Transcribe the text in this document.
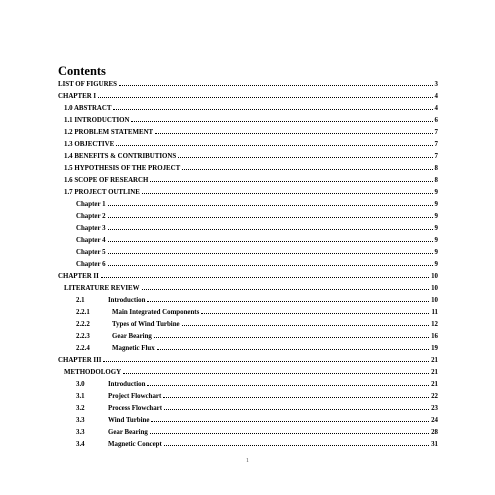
Contents
LIST OF FIGURES	3
CHAPTER I	4
1.0 ABSTRACT	4
1.1 INTRODUCTION	6
1.2 PROBLEM STATEMENT	7
1.3 OBJECTIVE	7
1.4 BENEFITS & CONTRIBUTIONS	7
1.5 HYPOTHESIS OF THE PROJECT	8
1.6 SCOPE OF RESEARCH	8
1.7 PROJECT OUTLINE	9
Chapter 1	9
Chapter 2	9
Chapter 3	9
Chapter 4	9
Chapter 5	9
Chapter 6	9
CHAPTER II	10
LITERATURE REVIEW	10
2.1	Introduction	10
2.2.1	Main Integrated Components	11
2.2.2	Types of Wind Turbine	12
2.2.3	Gear Bearing	16
2.2.4	Magnetic Flux	19
CHAPTER III	21
METHODOLOGY	21
3.0	Introduction	21
3.1	Project Flowchart	22
3.2	Process Flowchart	23
3.3	Wind Turbine	24
3.3	Gear Bearing	28
3.4	Magnetic Concept	31
1
